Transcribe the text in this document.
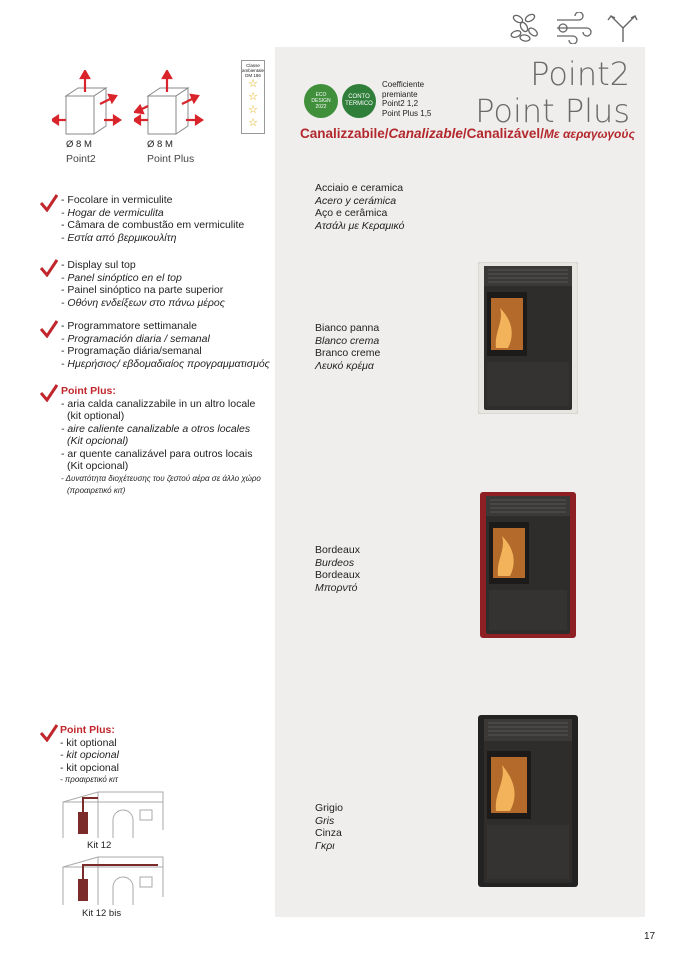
Point2
Point Plus
Canalizzabile/Canalizable/Canalizável/Με αεραγωγούς
ECO
DESIGN
2022
CONTO
TERMICO
Coefficiente
premiante
Point2 1,2
Point Plus 1,5
Classe
ambientale
DM 186
☆
☆
☆
☆
Ø 8 M
Point2
Ø 8 M
Point Plus
- Focolare in vermiculite
- Hogar de vermiculita
- Câmara de combustão em vermiculite
- Εστία από βερμικουλίτη
- Display sul top
- Panel sinóptico en el top
- Painel sinóptico na parte superior
- Οθόνη ενδείξεων στο πάνω μέρος
- Programmatore settimanale
- Programación diaria / semanal
- Programação diária/semanal
- Ημερήσιος/ εβδομαδιαίος προγραμματισμός
Point Plus:
- aria calda canalizzabile in un altro locale
(kit optional)
- aire caliente canalizable a otros locales
(Kit opcional)
- ar quente canalizável para outros locais
(Kit opcional)
- Δυνατότητα διοχέτευσης του ζεστού αέρα σε άλλο χώρο
(προαιρετικό κιτ)
Point Plus:
- kit optional
- kit opcional
- kit opcional
- προαιρετικό κιτ
Kit 12
Kit 12 bis
Acciaio e ceramica
Acero y cerámica
Aço e cerâmica
Ατσάλι με Κεραμικό
Bianco panna
Blanco crema
Branco creme
Λευκό κρέμα
Bordeaux
Burdeos
Bordeaux
Μπορντό
Grigio
Gris
Cinza
Γκρι
17
